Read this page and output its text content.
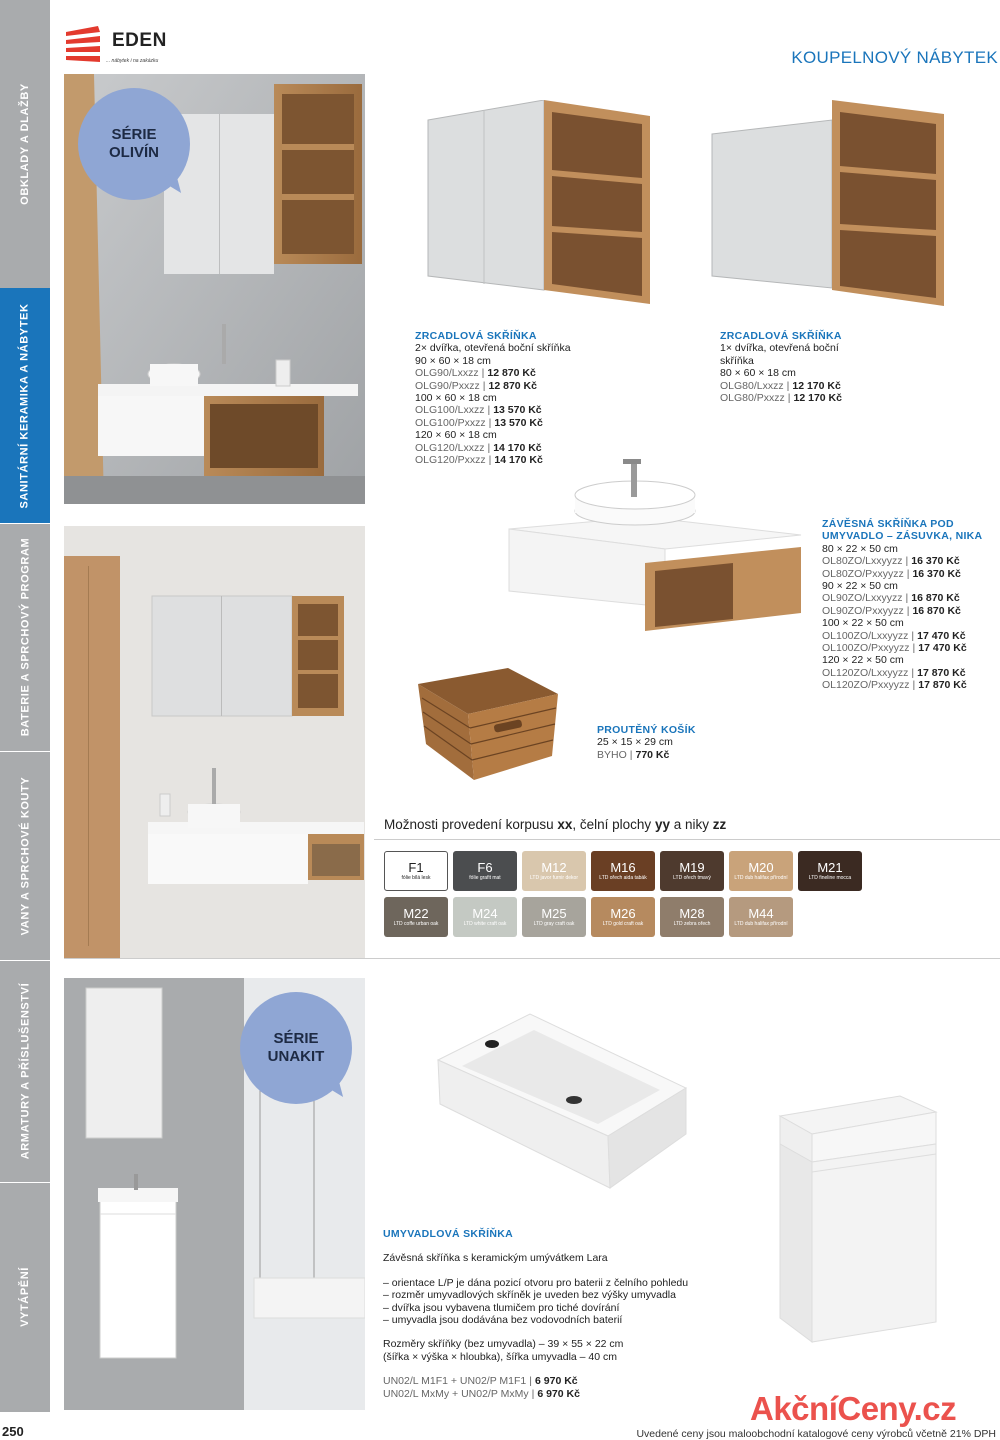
OBKLADY A DLAŽBY
SANITÁRNÍ KERAMIKA A NÁBYTEK
BATERIE A SPRCHOVÝ PROGRAM
VANY A SPRCHOVÉ KOUTY
ARMATURY A PŘÍSLUŠENSTVÍ
VYTÁPĚNÍ
EDEN
... nábytek i na zakázku	KOUPELNOVÝ NÁBYTEK
SÉRIE
OLIVÍN
ZRCADLOVÁ SKŘÍŇKA
2× dvířka, otevřená boční skříňka
90 × 60 × 18 cm
OLG90/Lxxzz | 12 870 Kč
OLG90/Pxxzz | 12 870 Kč
100 × 60 × 18 cm
OLG100/Lxxzz | 13 570 Kč
OLG100/Pxxzz | 13 570 Kč
120 × 60 × 18 cm
OLG120/Lxxzz | 14 170 Kč
OLG120/Pxxzz | 14 170 Kč
ZRCADLOVÁ SKŘÍŇKA
1× dvířka, otevřená boční
skříňka
80 × 60 × 18 cm
OLG80/Lxxzz | 12 170 Kč
OLG80/Pxxzz | 12 170 Kč
ZÁVĚSNÁ SKŘÍŇKA POD
UMYVADLO – ZÁSUVKA, NIKA
80 × 22 × 50 cm
OL80ZO/Lxxyyzz | 16 370 Kč
OL80ZO/Pxxyyzz | 16 370 Kč
90 × 22 × 50 cm
OL90ZO/Lxxyyzz | 16 870 Kč
OL90ZO/Pxxyyzz | 16 870 Kč
100 × 22 × 50 cm
OL100ZO/Lxxyyzz | 17 470 Kč
OL100ZO/Pxxyyzz | 17 470 Kč
120 × 22 × 50 cm
OL120ZO/Lxxyyzz | 17 870 Kč
OL120ZO/Pxxyyzz | 17 870 Kč
PROUTĚNÝ KOŠÍK
25 × 15 × 29 cm
BYHO | 770 Kč
Možnosti provedení korpusu xx, čelní plochy yy a niky zz
F1
fólie bílá lesk
F6
fólie grafit mat
M12
LTD javor furnir dekor
M16
LTD ořech aida tabák
M19
LTD ořech tmavý
M20
LTD dub halifax přírodní
M21
LTD fineline mocca
M22
LTD coffe urban oak
M24
LTD white craft oak
M25
LTD gray craft oak
M26
LTD gold craft oak
M28
LTD zebra ořech
M44
LTD dub halifax přírodní
SÉRIE
UNAKIT
UMYVADLOVÁ SKŘÍŇKA
Závěsná skříňka s keramickým umývátkem Lara
– orientace L/P je dána pozicí otvoru pro baterii z čelního pohledu
– rozměr umyvadlových skříněk je uveden bez výšky umyvadla
– dvířka jsou vybavena tlumičem pro tiché dovírání
– umyvadla jsou dodávána bez vodovodních baterií
Rozměry skříňky (bez umyvadla) – 39 × 55 × 22 cm
(šířka × výška × hloubka), šířka umyvadla – 40 cm
UN02/L M1F1 + UN02/P M1F1 | 6 970 Kč
UN02/L MxMy + UN02/P MxMy | 6 970 Kč
250
AkčníCeny.cz
Uvedené ceny jsou maloobchodní katalogové ceny výrobců včetně 21% DPH
